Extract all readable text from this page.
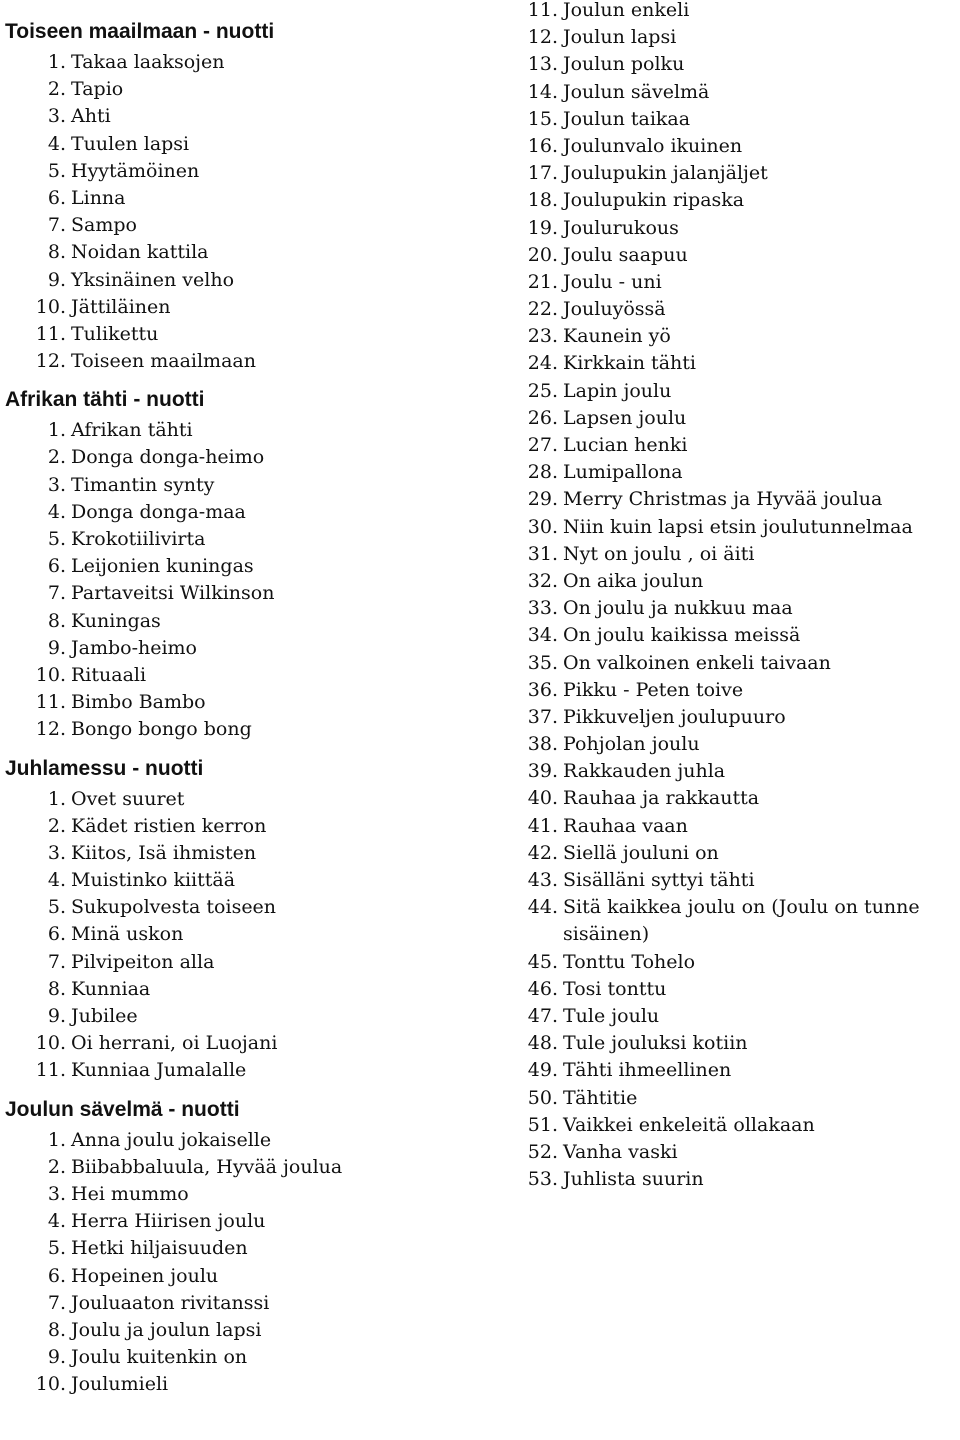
Toiseen maailmaan - nuotti
1. Takaa laaksojen
2. Tapio
3. Ahti
4. Tuulen lapsi
5. Hyytämöinen
6. Linna
7. Sampo
8. Noidan kattila
9. Yksinäinen velho
10. Jättiläinen
11. Tulikettu
12. Toiseen maailmaan
Afrikan tähti - nuotti
1. Afrikan tähti
2. Donga donga-heimo
3. Timantin synty
4. Donga donga-maa
5. Krokotiilivirta
6. Leijonien kuningas
7. Partaveitsi Wilkinson
8. Kuningas
9. Jambo-heimo
10. Rituaali
11. Bimbo Bambo
12. Bongo bongo bong
Juhlamessu - nuotti
1. Ovet suuret
2. Kädet ristien kerron
3. Kiitos, Isä ihmisten
4. Muistinko kiittää
5. Sukupolvesta toiseen
6. Minä uskon
7. Pilvipeiton alla
8. Kunniaa
9. Jubilee
10. Oi herrani, oi Luojani
11. Kunniaa Jumalalle
Joulun sävelmä - nuotti
1. Anna joulu jokaiselle
2. Biibabbaluula, Hyvää joulua
3. Hei mummo
4. Herra Hiirisen joulu
5. Hetki hiljaisuuden
6. Hopeinen joulu
7. Jouluaaton rivitanssi
8. Joulu ja joulun lapsi
9. Joulu kuitenkin on
10. Joulumieli
11. Joulun enkeli
12. Joulun lapsi
13. Joulun polku
14. Joulun sävelmä
15. Joulun taikaa
16. Joulunvalo ikuinen
17. Joulupukin jalanjäljet
18. Joulupukin ripaska
19. Joulurukous
20. Joulu saapuu
21. Joulu - uni
22. Jouluyössä
23. Kaunein yö
24. Kirkkain tähti
25. Lapin joulu
26. Lapsen joulu
27. Lucian henki
28. Lumipallona
29. Merry Christmas ja Hyvää joulua
30. Niin kuin lapsi etsin joulutunnelmaa
31. Nyt on joulu , oi äiti
32. On aika joulun
33. On joulu ja nukkuu maa
34. On joulu kaikissa meissä
35. On valkoinen enkeli taivaan
36. Pikku - Peten toive
37. Pikkuveljen joulupuuro
38. Pohjolan joulu
39. Rakkauden juhla
40. Rauhaa ja rakkautta
41. Rauhaa vaan
42. Siellä jouluni on
43. Sisälläni syttyi tähti
44. Sitä kaikkea joulu on (Joulu on tunne sisäinen)
45. Tonttu Tohelo
46. Tosi tonttu
47. Tule joulu
48. Tule jouluksi kotiin
49. Tähti ihmeellinen
50. Tähtitie
51. Vaikkei enkeleitä ollakaan
52. Vanha vaski
53. Juhlista suurin
